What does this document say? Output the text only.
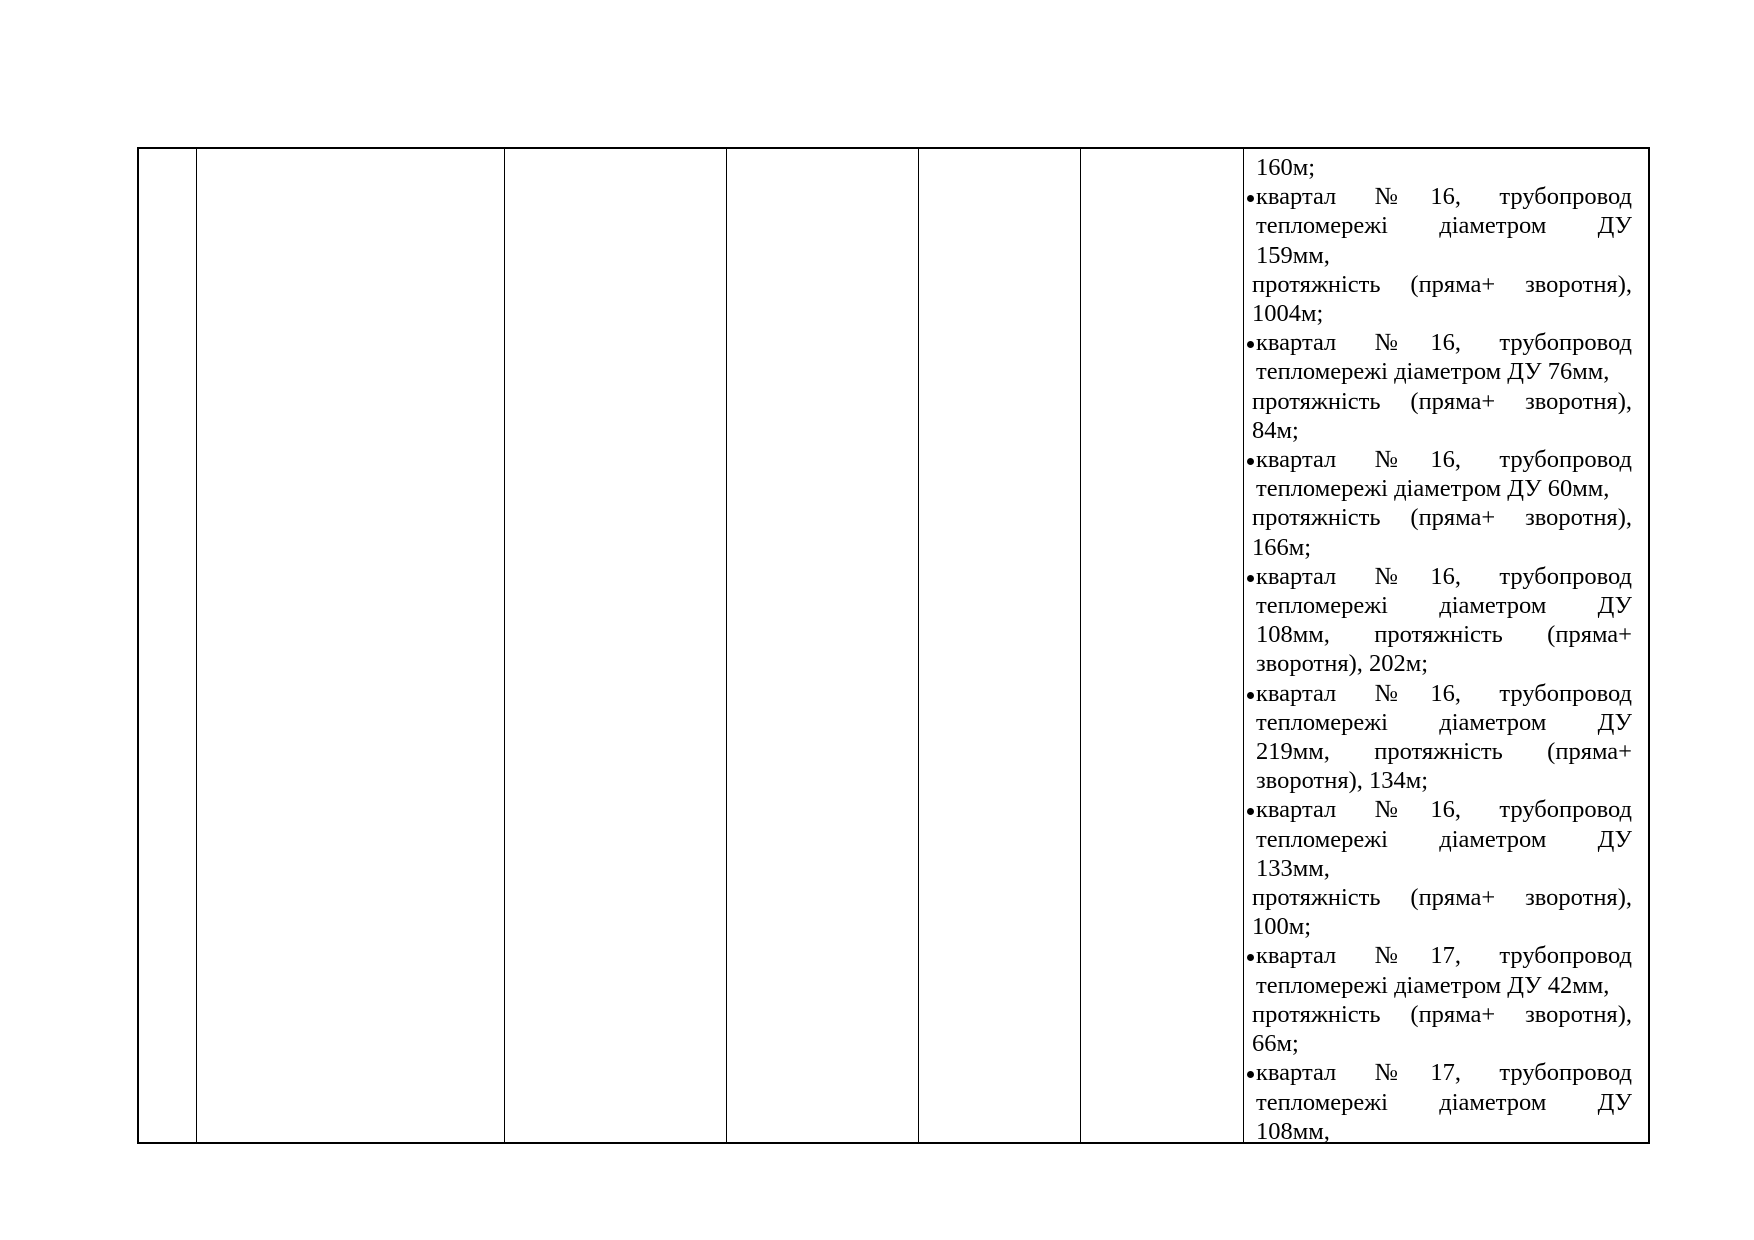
160м;
квартал №16, трубопровод
тепломережі діаметром ДУ
159мм,
протяжність (пряма+ зворотня),
1004м;
квартал №16, трубопровод
тепломережі діаметром ДУ 76мм,
протяжність (пряма+ зворотня),
84м;
квартал №16, трубопровод
тепломережі діаметром ДУ 60мм,
протяжність (пряма+ зворотня),
166м;
квартал №16, трубопровод
тепломережі діаметром ДУ
108мм, протяжність (пряма+
зворотня), 202м;
квартал №16, трубопровод
тепломережі діаметром ДУ
219мм, протяжність (пряма+
зворотня), 134м;
квартал №16, трубопровод
тепломережі діаметром ДУ
133мм,
протяжність (пряма+ зворотня),
100м;
квартал №17, трубопровод
тепломережі діаметром ДУ 42мм,
протяжність (пряма+ зворотня),
66м;
квартал №17, трубопровод
тепломережі діаметром ДУ
108мм,
